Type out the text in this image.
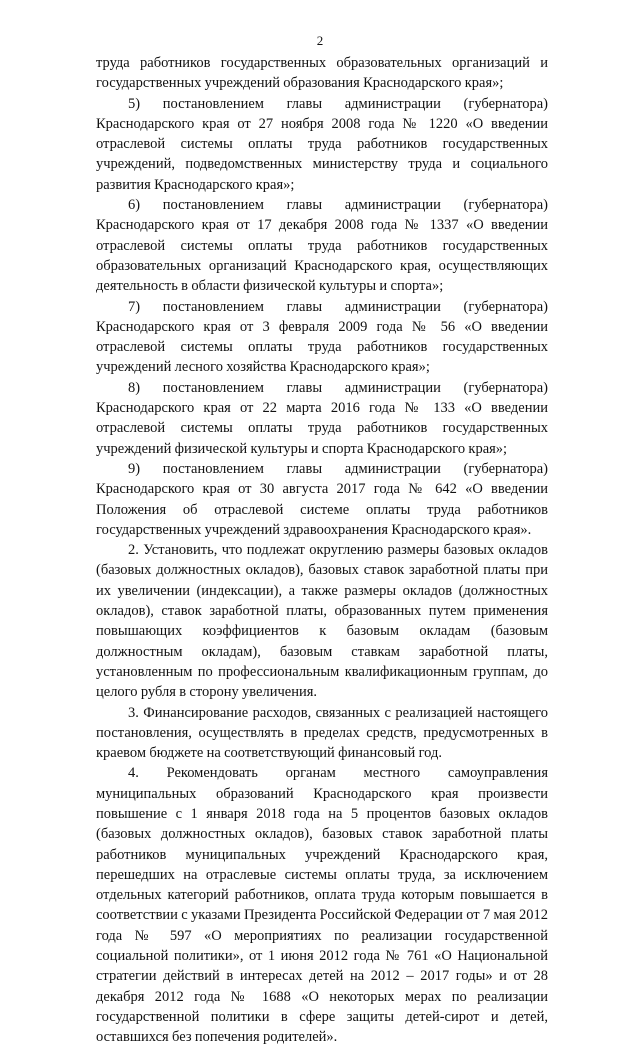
2

труда работников государственных образовательных организаций и государственных учреждений образования Краснодарского края»;

5) постановлением главы администрации (губернатора) Краснодарского края от 27 ноября 2008 года № 1220 «О введении отраслевой системы оплаты труда работников государственных учреждений, подведомственных министерству труда и социального развития Краснодарского края»;

6) постановлением главы администрации (губернатора) Краснодарского края от 17 декабря 2008 года № 1337 «О введении отраслевой системы оплаты труда работников государственных образовательных организаций Краснодарского края, осуществляющих деятельность в области физической культуры и спорта»;

7) постановлением главы администрации (губернатора) Краснодарского края от 3 февраля 2009 года № 56 «О введении отраслевой системы оплаты труда работников государственных учреждений лесного хозяйства Краснодарского края»;

8) постановлением главы администрации (губернатора) Краснодарского края от 22 марта 2016 года № 133 «О введении отраслевой системы оплаты труда работников государственных учреждений физической культуры и спорта Краснодарского края»;

9) постановлением главы администрации (губернатора) Краснодарского края от 30 августа 2017 года № 642 «О введении Положения об отраслевой системе оплаты труда работников государственных учреждений здравоохранения Краснодарского края».

2. Установить, что подлежат округлению размеры базовых окладов (базовых должностных окладов), базовых ставок заработной платы при их увеличении (индексации), а также размеры окладов (должностных окладов), ставок заработной платы, образованных путем применения повышающих коэффициентов к базовым окладам (базовым должностным окладам), базовым ставкам заработной платы, установленным по профессиональным квалификационным группам, до целого рубля в сторону увеличения.

3. Финансирование расходов, связанных с реализацией настоящего постановления, осуществлять в пределах средств, предусмотренных в краевом бюджете на соответствующий финансовый год.

4. Рекомендовать органам местного самоуправления муниципальных образований Краснодарского края произвести повышение с 1 января 2018 года на 5 процентов базовых окладов (базовых должностных окладов), базовых ставок заработной платы работников муниципальных учреждений Краснодарского края, перешедших на отраслевые системы оплаты труда, за исключением отдельных категорий работников, оплата труда которым повышается в соответствии с указами Президента Российской Федерации от 7 мая 2012 года № 597 «О мероприятиях по реализации государственной социальной политики», от 1 июня 2012 года № 761 «О Национальной стратегии действий в интересах детей на 2012 – 2017 годы» и от 28 декабря 2012 года № 1688 «О некоторых мерах по реализации государственной политики в сфере защиты детей-сирот и детей, оставшихся без попечения родителей».
